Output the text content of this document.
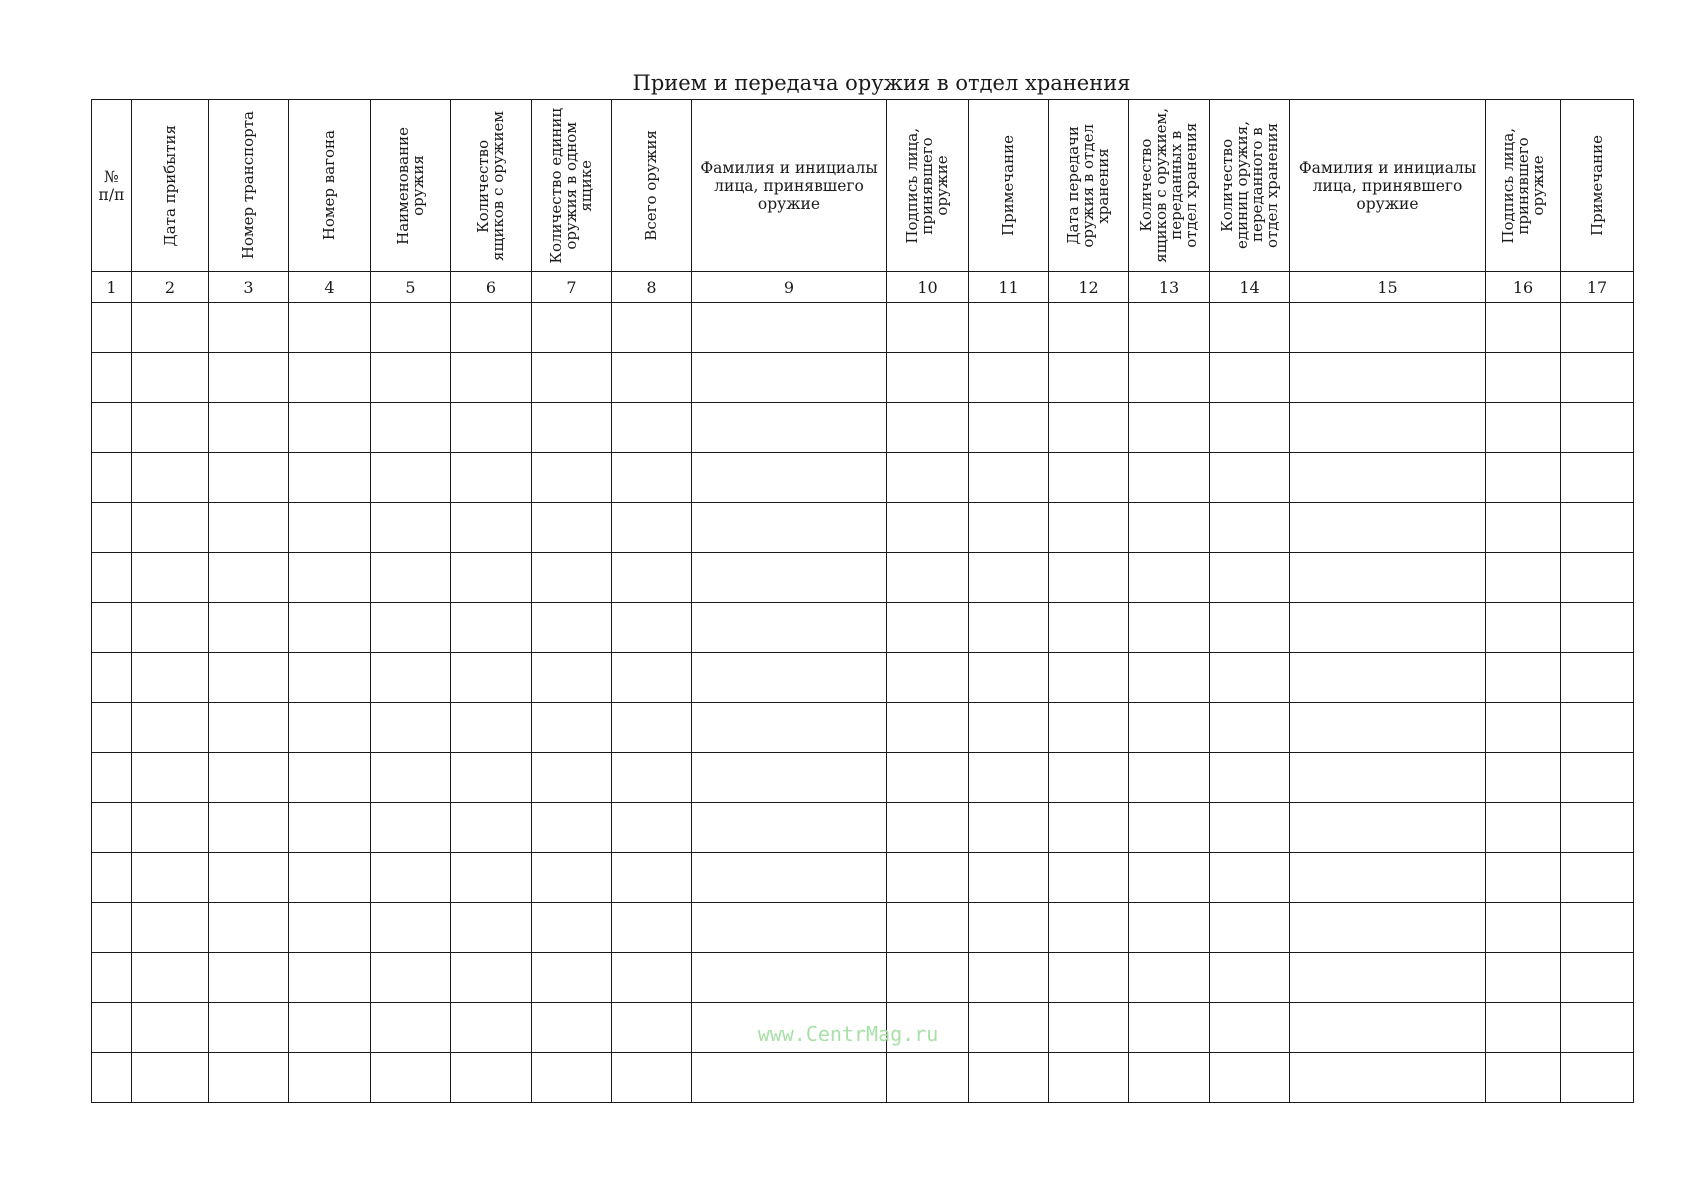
Прием и передача оружия в отдел хранения
№
п/п	Дата прибытия	Номер транспорта	Номер вагона	Наименование
оружия	Количество
ящиков с оружием	Количество единиц
оружия в одном
ящике	Всего оружия	Фамилия и инициалы
лица, принявшего
оружие	Подпись лица,
принявшего
оружие	Примечание	Дата передачи
оружия в отдел
хранения	Количество
ящиков с оружием,
переданных в
отдел хранения	Количество
единиц оружия,
переданного в
отдел хранения	Фамилия и инициалы
лица, принявшего
оружие	Подпись лица,
принявшего
оружие	Примечание

1	2	3	4	5	6	7	8	9	10	11	12	13	14	15	16	17

www.CentrMag.ru
